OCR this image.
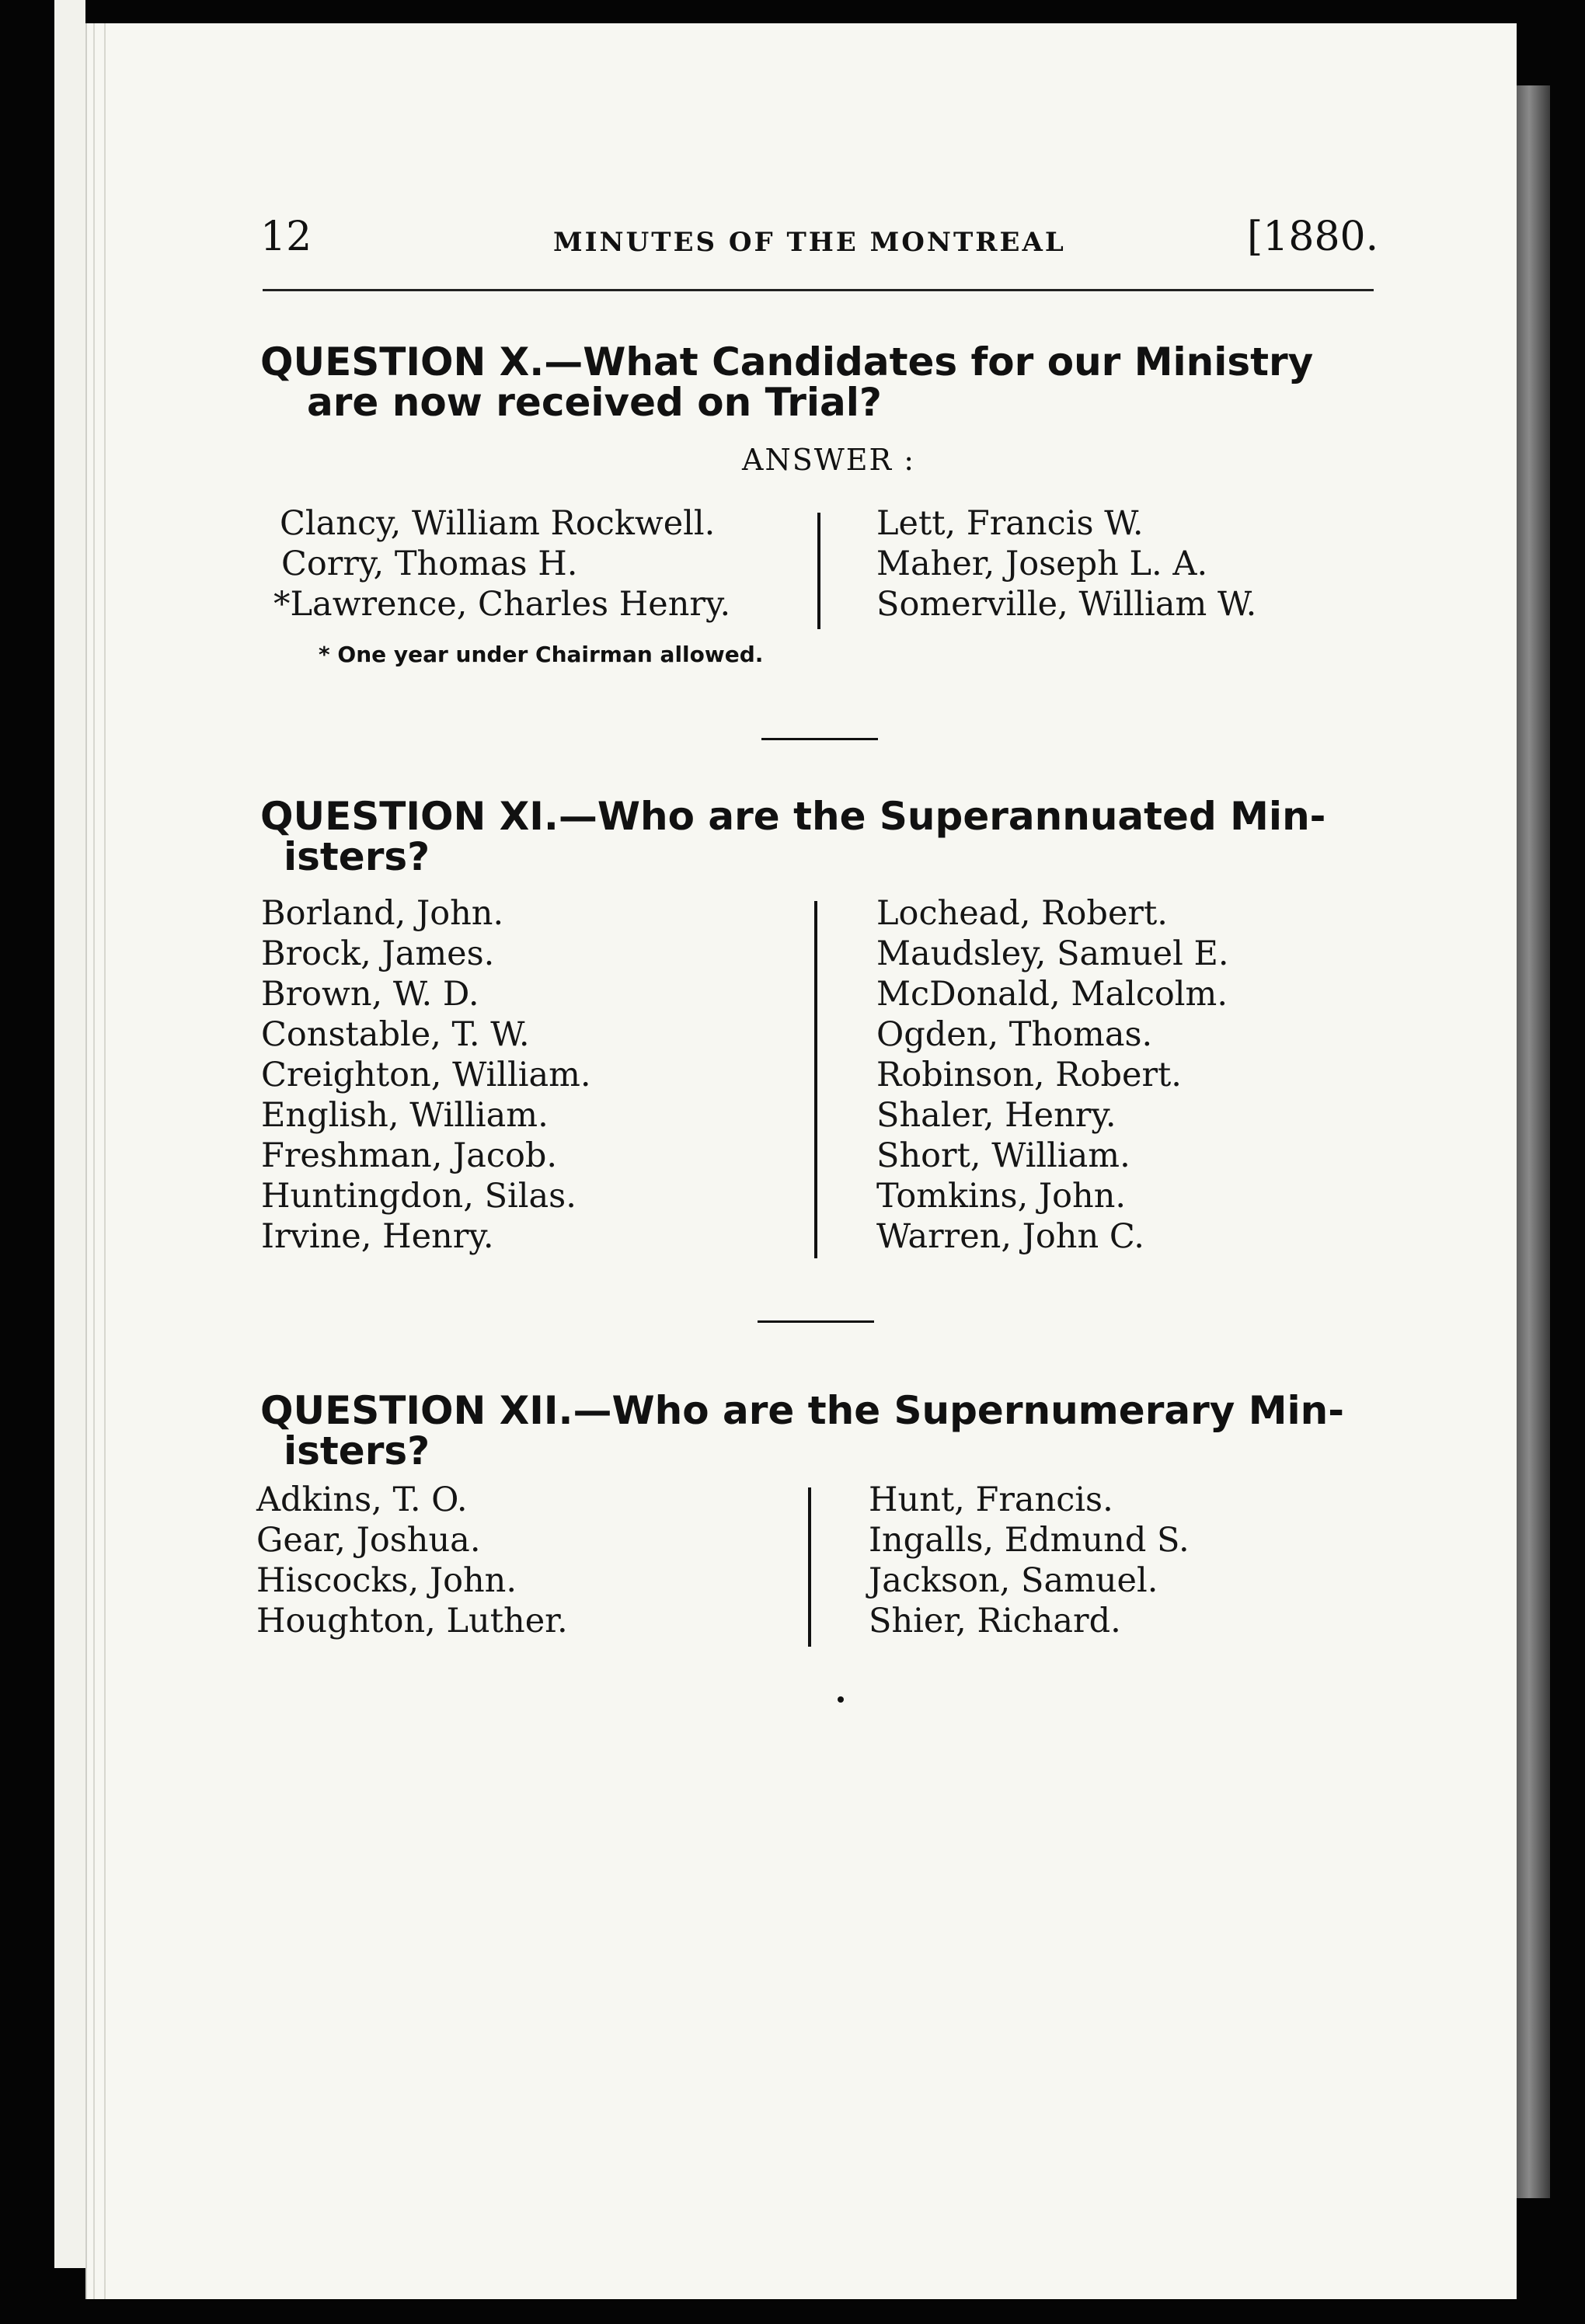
12	MINUTES OF THE MONTREAL	[1880.
QUESTION X.—What Candidates for our Ministry
are now received on Trial?
ANSWER :
Clancy, William Rockwell.
Corry, Thomas H.
*Lawrence, Charles Henry.
Lett, Francis W.
Maher, Joseph L. A.
Somerville, William W.
* One year under Chairman allowed.
QUESTION XI.—Who are the Superannuated Min-
isters?
Borland, John.
Brock, James.
Brown, W. D.
Constable, T. W.
Creighton, William.
English, William.
Freshman, Jacob.
Huntingdon, Silas.
Irvine, Henry.
Lochead, Robert.
Maudsley, Samuel E.
McDonald, Malcolm.
Ogden, Thomas.
Robinson, Robert.
Shaler, Henry.
Short, William.
Tomkins, John.
Warren, John C.
QUESTION XII.—Who are the Supernumerary Min-
isters?
Adkins, T. O.
Gear, Joshua.
Hiscocks, John.
Houghton, Luther.
Hunt, Francis.
Ingalls, Edmund S.
Jackson, Samuel.
Shier, Richard.
